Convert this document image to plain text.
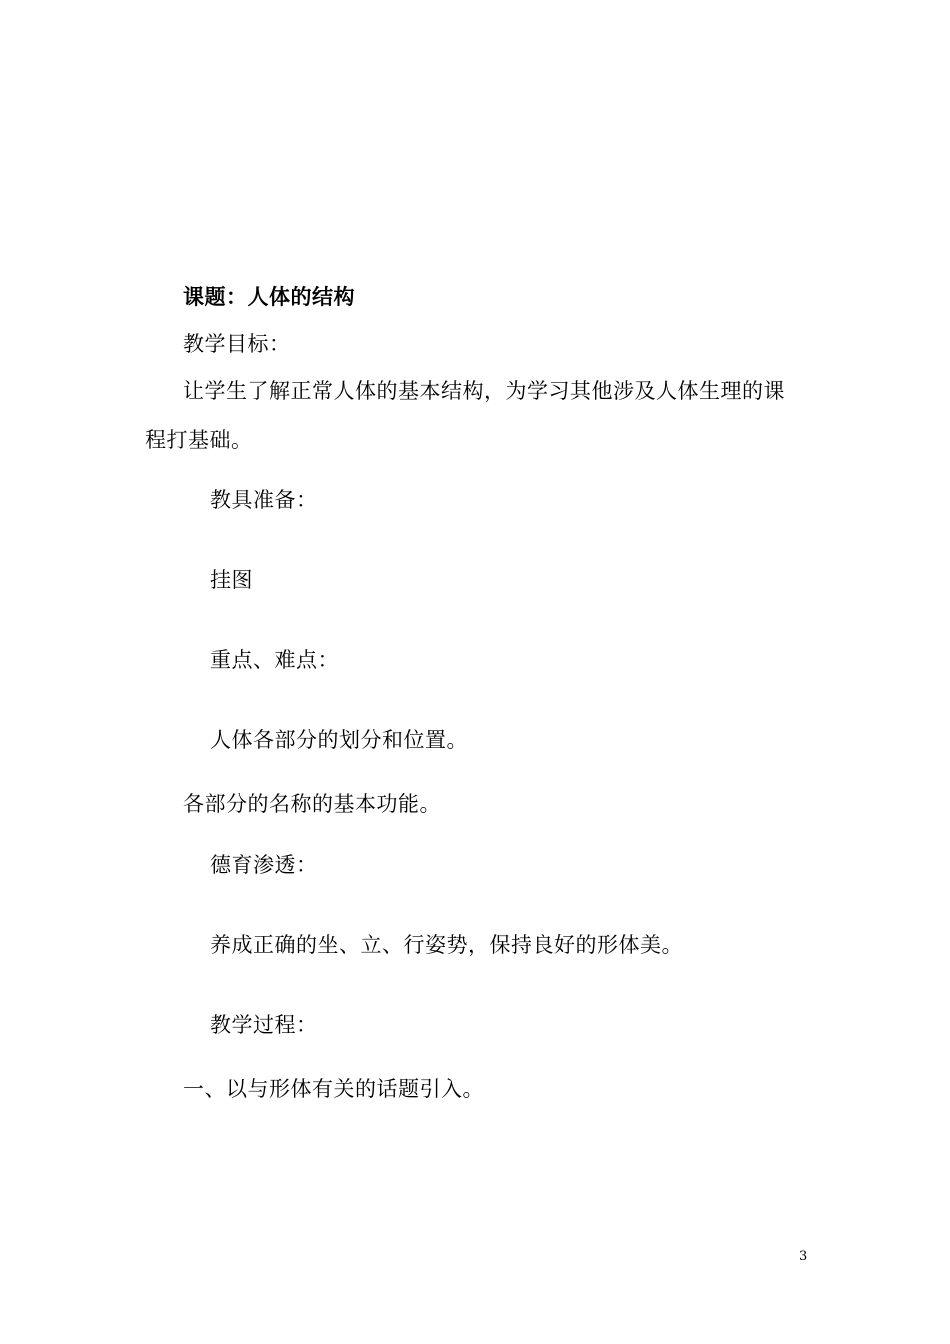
课题：人体的结构
教学目标：
让学生了解正常人体的基本结构，为学习其他涉及人体生理的课
程打基础。
教具准备：
挂图
重点、难点：
人体各部分的划分和位置。
各部分的名称的基本功能。
德育渗透：
养成正确的坐、立、行姿势，保持良好的形体美。
教学过程：
一、以与形体有关的话题引入。
3
